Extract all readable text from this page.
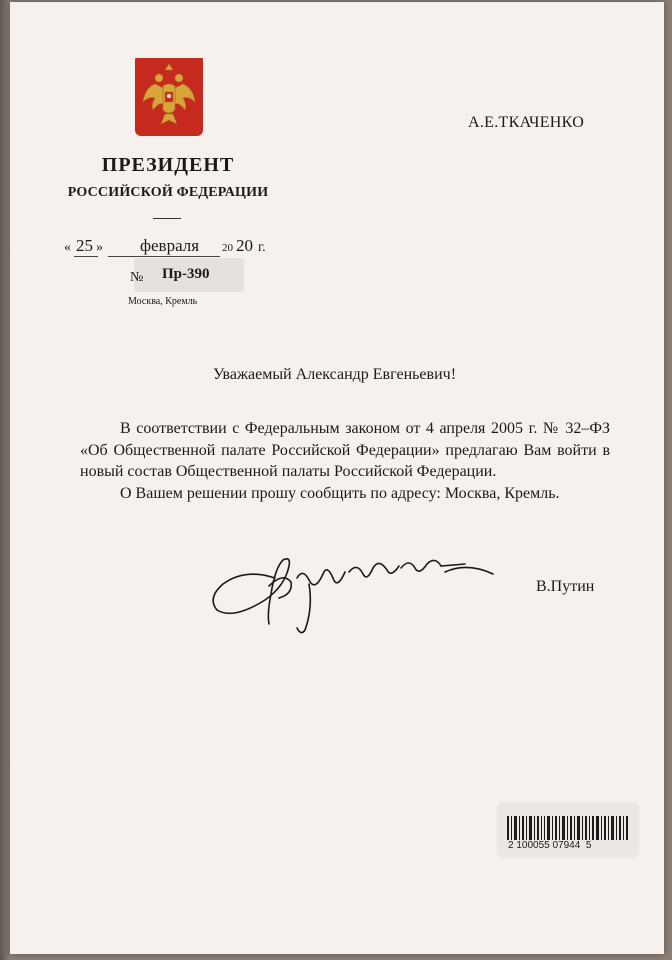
А.Е.ТКАЧЕНКО
ПРЕЗИДЕНТ
РОССИЙСКОЙ ФЕДЕРАЦИИ
« 25 » февраля 20 20 г.
№ Пр-390
Москва, Кремль
Уважаемый Александр Евгеньевич!

В соответствии с Федеральным законом от 4 апреля 2005 г. № 32–ФЗ «Об Общественной палате Российской Федерации» предлагаю Вам войти в новый состав Общественной палаты Российской Федерации.

О Вашем решении прошу сообщить по адресу: Москва, Кремль.

В.Путин
2 100055 07944  5
